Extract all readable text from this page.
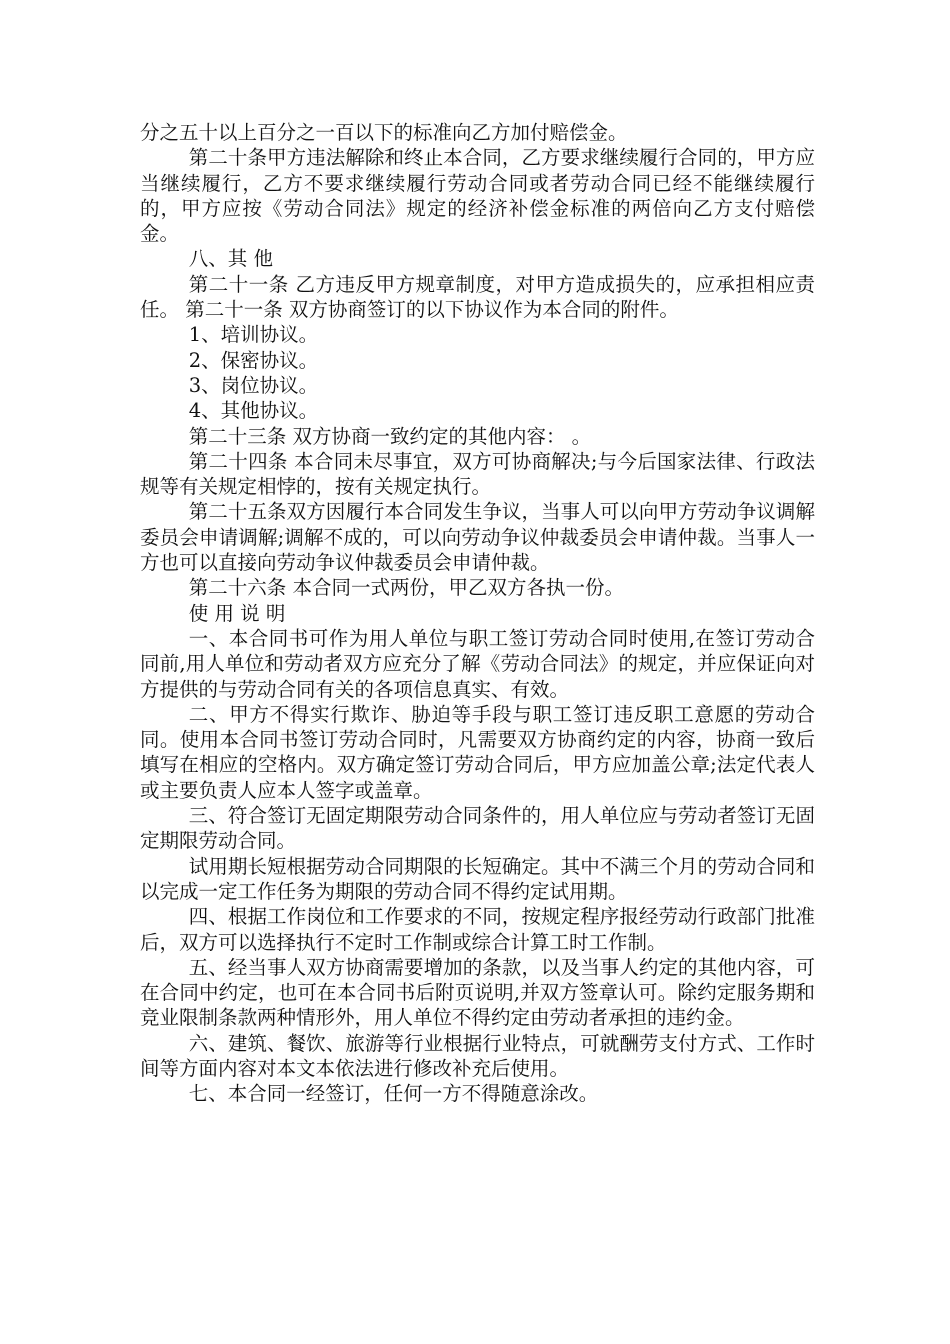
分之五十以上百分之一百以下的标准向乙方加付赔偿金。

第二十条甲方违法解除和终止本合同，乙方要求继续履行合同的，甲方应当继续履行，乙方不要求继续履行劳动合同或者劳动合同已经不能继续履行的，甲方应按《劳动合同法》规定的经济补偿金标准的两倍向乙方支付赔偿金。

八、其 他

第二十一条 乙方违反甲方规章制度，对甲方造成损失的，应承担相应责任。 第二十一条 双方协商签订的以下协议作为本合同的附件。

1、培训协议。

2、保密协议。

3、岗位协议。

4、其他协议。

第二十三条 双方协商一致约定的其他内容： 。

第二十四条 本合同未尽事宜，双方可协商解决;与今后国家法律、行政法规等有关规定相悖的，按有关规定执行。

第二十五条双方因履行本合同发生争议，当事人可以向甲方劳动争议调解委员会申请调解;调解不成的，可以向劳动争议仲裁委员会申请仲裁。当事人一方也可以直接向劳动争议仲裁委员会申请仲裁。

第二十六条 本合同一式两份，甲乙双方各执一份。

使 用 说 明

一、本合同书可作为用人单位与职工签订劳动合同时使用,在签订劳动合同前,用人单位和劳动者双方应充分了解《劳动合同法》的规定，并应保证向对方提供的与劳动合同有关的各项信息真实、有效。

二、甲方不得实行欺诈、胁迫等手段与职工签订违反职工意愿的劳动合同。使用本合同书签订劳动合同时，凡需要双方协商约定的内容，协商一致后填写在相应的空格内。双方确定签订劳动合同后，甲方应加盖公章;法定代表人或主要负责人应本人签字或盖章。

三、符合签订无固定期限劳动合同条件的，用人单位应与劳动者签订无固定期限劳动合同。

试用期长短根据劳动合同期限的长短确定。其中不满三个月的劳动合同和以完成一定工作任务为期限的劳动合同不得约定试用期。

四、根据工作岗位和工作要求的不同，按规定程序报经劳动行政部门批准后，双方可以选择执行不定时工作制或综合计算工时工作制。

五、经当事人双方协商需要增加的条款，以及当事人约定的其他内容，可在合同中约定，也可在本合同书后附页说明,并双方签章认可。除约定服务期和竞业限制条款两种情形外，用人单位不得约定由劳动者承担的违约金。

六、建筑、餐饮、旅游等行业根据行业特点，可就酬劳支付方式、工作时间等方面内容对本文本依法进行修改补充后使用。

七、本合同一经签订，任何一方不得随意涂改。
